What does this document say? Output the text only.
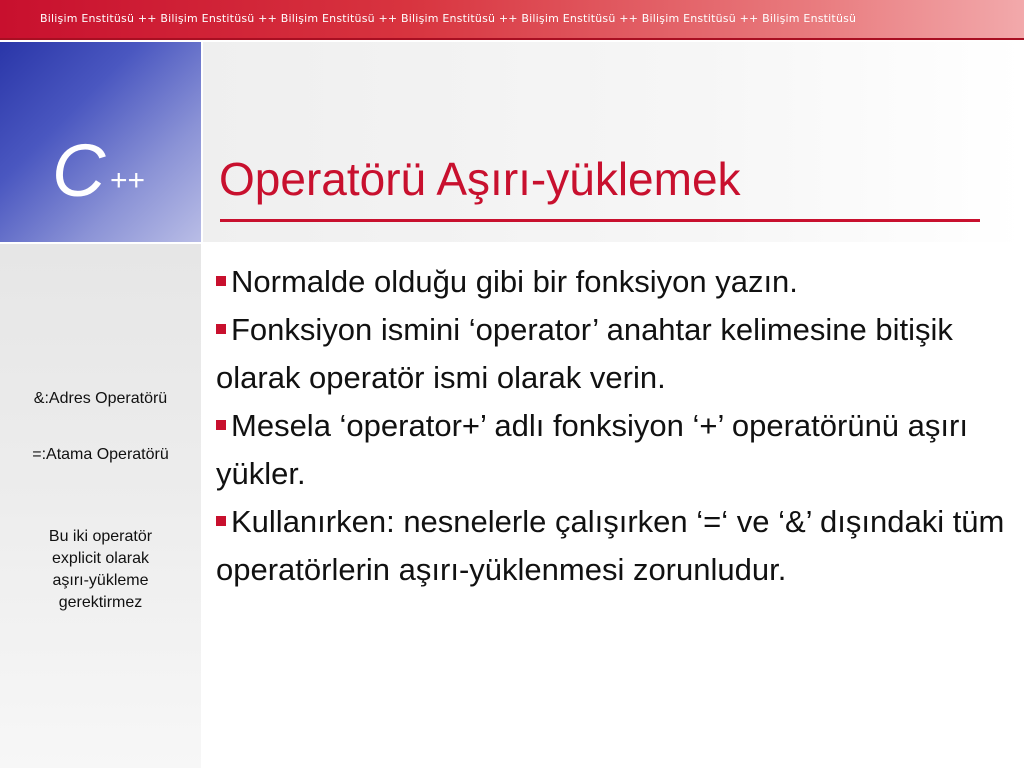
Bilişim Enstitüsü ++ Bilişim Enstitüsü ++ Bilişim Enstitüsü ++ Bilişim Enstitüsü ++ Bilişim Enstitüsü ++ Bilişim Enstitüsü ++ Bilişim Enstitüsü
C ++ Operatörü Aşırı-yüklemek
&:Adres Operatörü
=:Atama Operatörü
Bu iki operatör
explicit olarak
aşırı-yükleme
gerektirmez

Normalde olduğu gibi bir fonksiyon yazın.

Fonksiyon ismini ‘operator’ anahtar kelimesine bitişik olarak operatör ismi olarak verin.

Mesela ‘operator+’ adlı fonksiyon ‘+’ operatörünü aşırı yükler.

Kullanırken: nesnelerle çalışırken ‘=‘ ve ‘&’ dışındaki tüm operatörlerin aşırı-yüklenmesi zorunludur.
